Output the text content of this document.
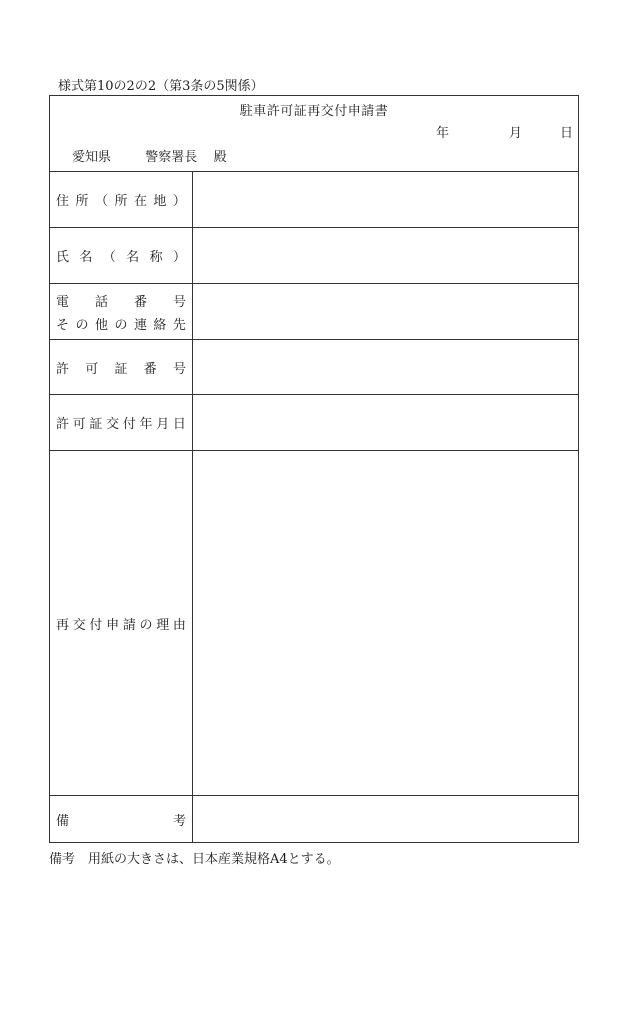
様式第10の2の2（第3条の5関係）
駐車許可証再交付申請書
年	月	日
愛知県	警察署長 殿
住 所 （ 所 在 地 ）
氏 名 （ 名 称 ）
電 話 番 号
そ の 他 の 連 絡 先
許 可 証 番 号
許 可 証 交 付 年 月 日
再 交 付 申 請 の 理 由
備	考
備考　用紙の大きさは、日本産業規格A4とする。
